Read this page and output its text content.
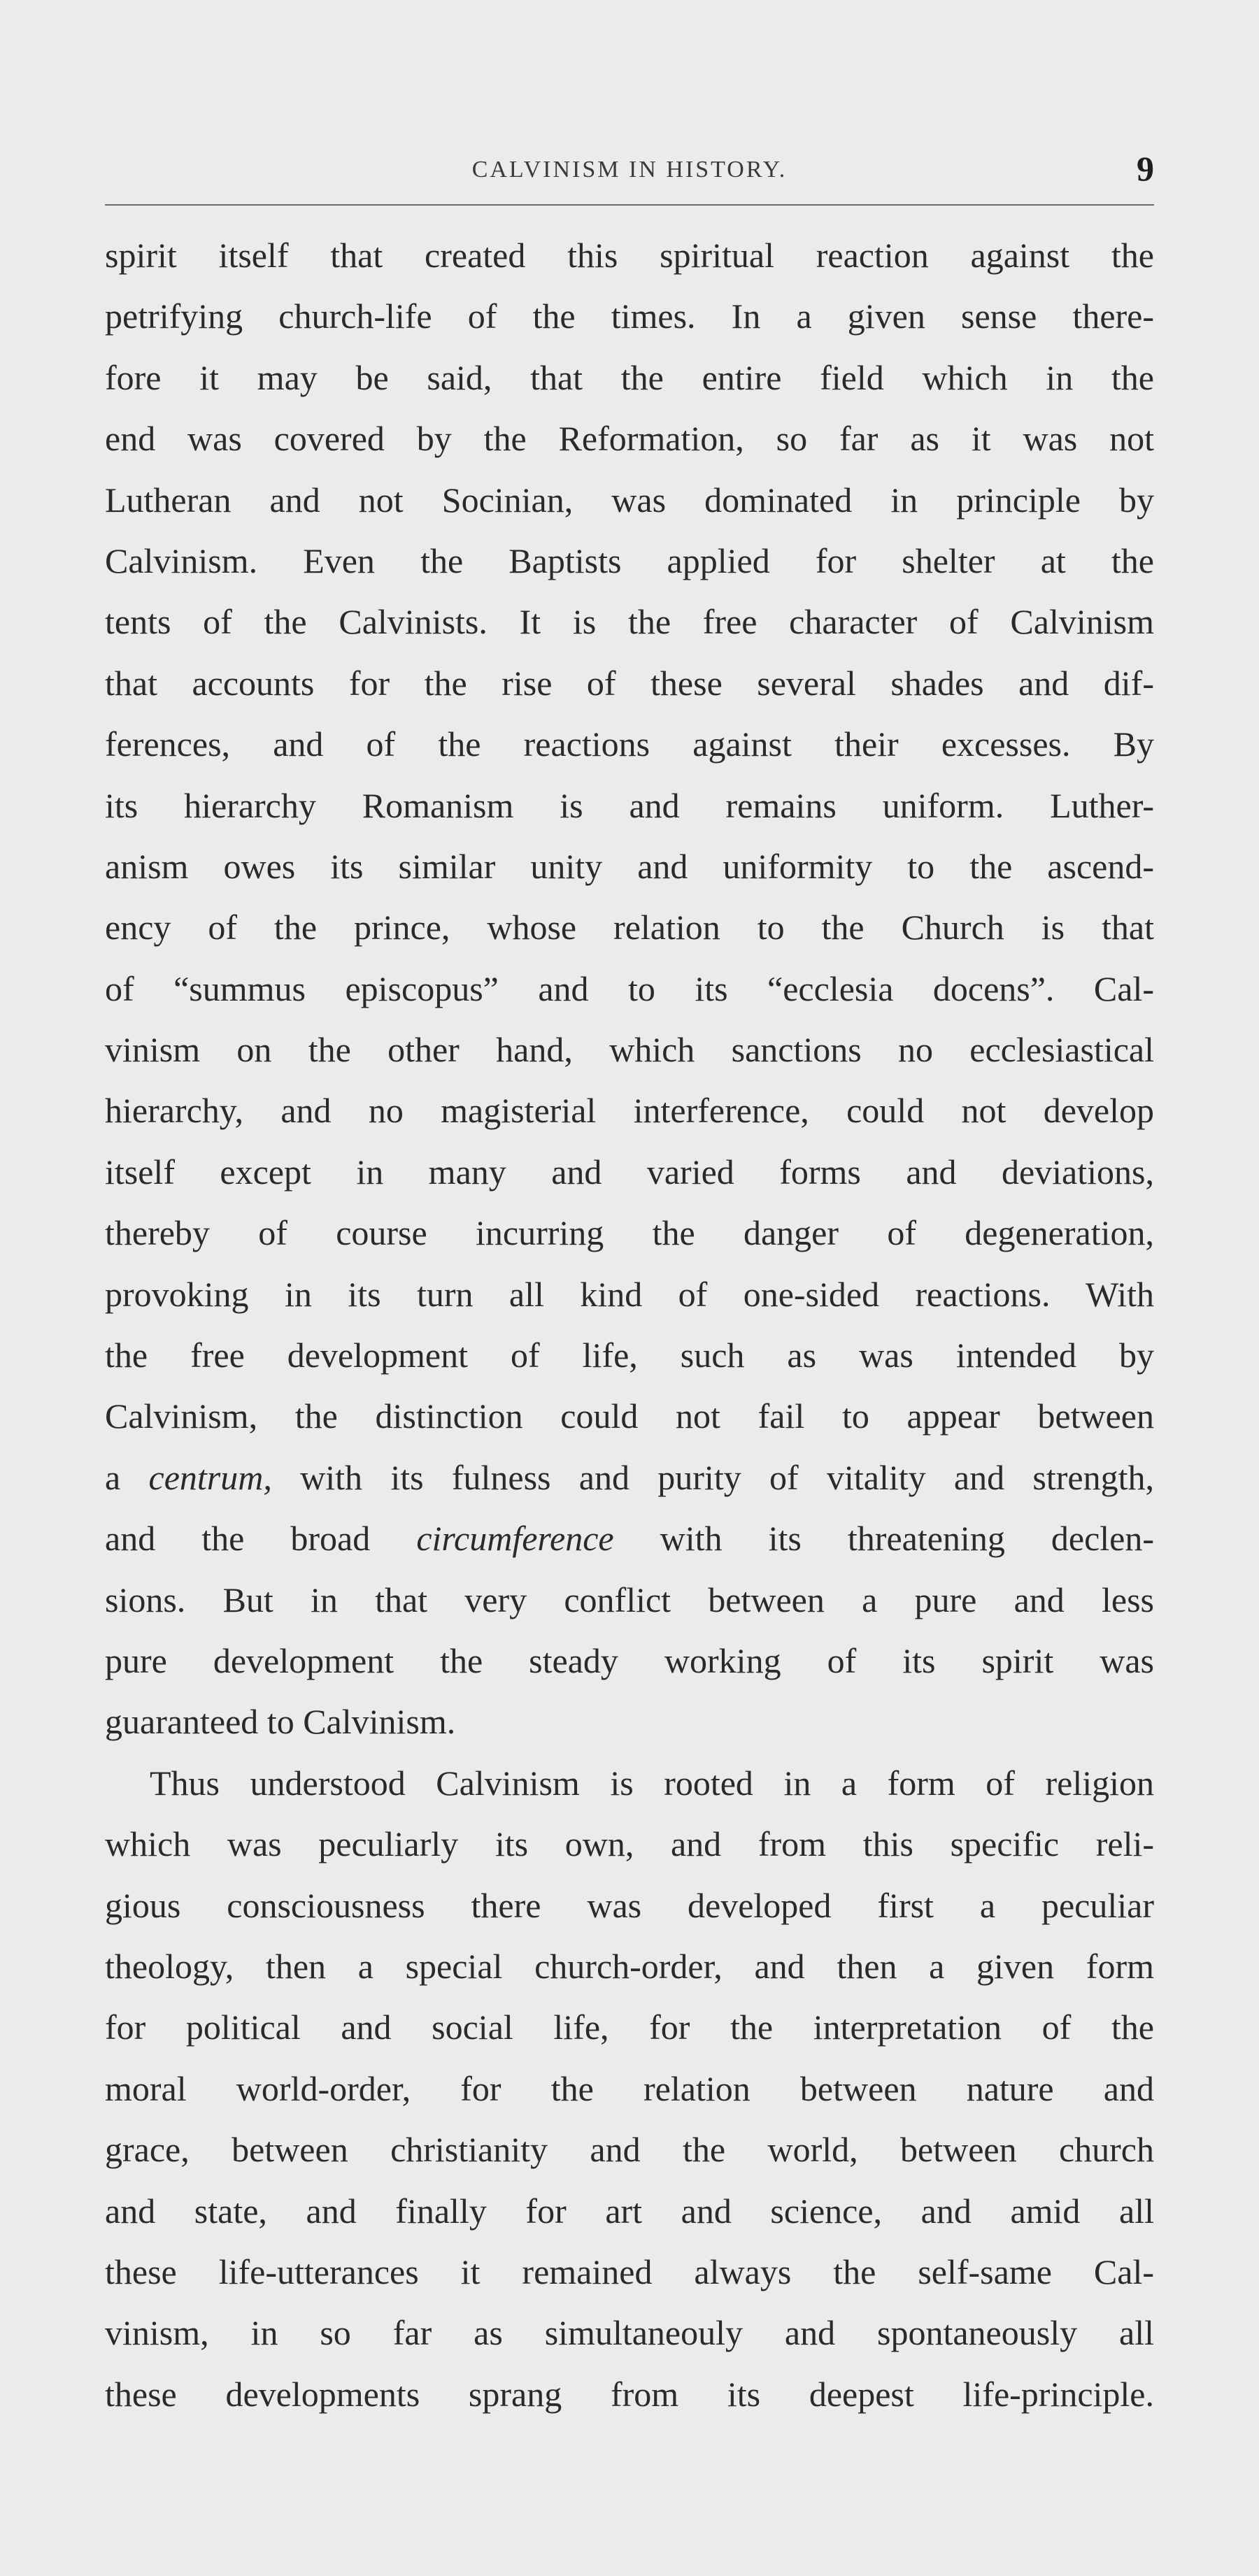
CALVINISM IN HISTORY.	9
spirit itself that created this spiritual reaction against the
petrifying church-life of the times. In a given sense there-
fore it may be said, that the entire field which in the
end was covered by the Reformation, so far as it was not
Lutheran and not Socinian, was dominated in principle by
Calvinism. Even the Baptists applied for shelter at the
tents of the Calvinists. It is the free character of Calvinism
that accounts for the rise of these several shades and dif-
ferences, and of the reactions against their excesses. By
its hierarchy Romanism is and remains uniform. Luther-
anism owes its similar unity and uniformity to the ascend-
ency of the prince, whose relation to the Church is that
of “summus episcopus” and to its “ecclesia docens”. Cal-
vinism on the other hand, which sanctions no ecclesiastical
hierarchy, and no magisterial interference, could not develop
itself except in many and varied forms and deviations,
thereby of course incurring the danger of degeneration,
provoking in its turn all kind of one-sided reactions. With
the free development of life, such as was intended by
Calvinism, the distinction could not fail to appear between
a centrum, with its fulness and purity of vitality and strength,
and the broad circumference with its threatening declen-
sions. But in that very conflict between a pure and less
pure development the steady working of its spirit was
guaranteed to Calvinism.
Thus understood Calvinism is rooted in a form of religion
which was peculiarly its own, and from this specific reli-
gious consciousness there was developed first a peculiar
theology, then a special church-order, and then a given form
for political and social life, for the interpretation of the
moral world-order, for the relation between nature and
grace, between christianity and the world, between church
and state, and finally for art and science, and amid all
these life-utterances it remained always the self-same Cal-
vinism, in so far as simultaneouly and spontaneously all
these developments sprang from its deepest life-principle.
